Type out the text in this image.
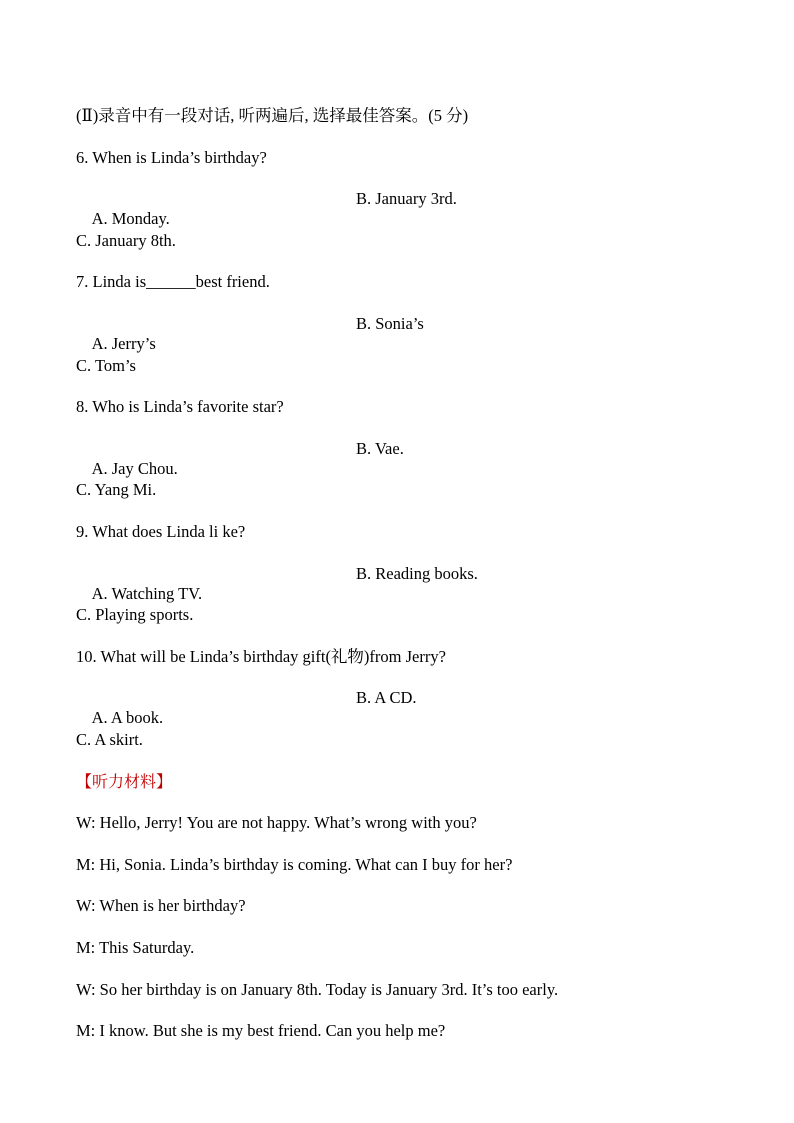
(Ⅱ)录音中有一段对话, 听两遍后, 选择最佳答案。(5 分)
6. When is Linda’s birthday?

A. Monday.

B. January 3rd.

C. January 8th.
7. Linda is______best friend.

A. Jerry’s

B. Sonia’s

C. Tom’s
8. Who is Linda’s favorite star?

A. Jay Chou.

B. Vae.

C. Yang Mi.
9. What does Linda li ke?

A. Watching TV.

B. Reading books.

C. Playing sports.
10. What will be Linda’s birthday gift(礼物)from Jerry?

A. A book.

B. A CD.

C. A skirt.
【听力材料】
W: Hello, Jerry! You are not happy. What’s wrong with you?
M: Hi, Sonia. Linda’s birthday is coming. What can I buy for her?
W: When is her birthday?
M: This Saturday.
W: So her birthday is on January 8th. Today is January 3rd. It’s too early.
M: I know. But she is my best friend. Can you help me?
